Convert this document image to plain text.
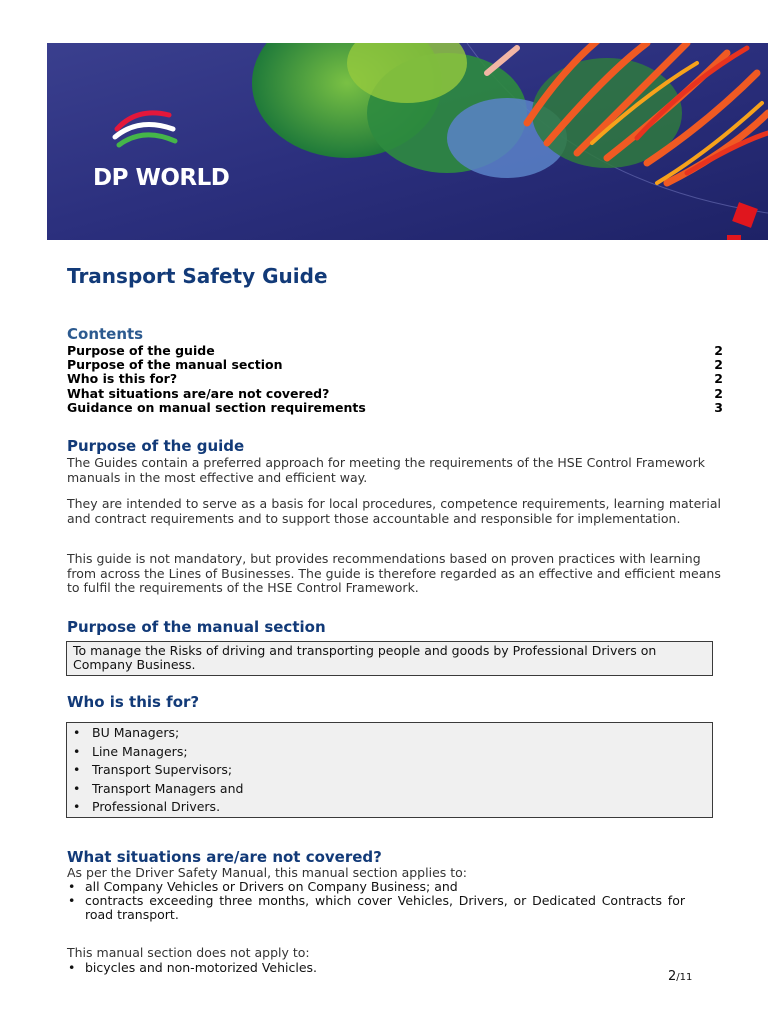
DP WORLD
Transport Safety Guide
Contents
Purpose of the guide	2
Purpose of the manual section	2
Who is this for?	2
What situations are/are not covered?	2
Guidance on manual section requirements	3
Purpose of the guide

The Guides contain a preferred approach for meeting the requirements of the HSE Control Framework manuals in the most effective and efficient way.

They are intended to serve as a basis for local procedures, competence requirements, learning material and contract requirements and to support those accountable and responsible for implementation.

This guide is not mandatory, but provides recommendations based on proven practices with learning from across the Lines of Businesses. The guide is therefore regarded as an effective and efficient means to fulfil the requirements of the HSE Control Framework.

Purpose of the manual section

To manage the Risks of driving and transporting people and goods by Professional Drivers on Company Business.

Who is this for?
• BU Managers;
• Line Managers;
• Transport Supervisors;
• Transport Managers and
• Professional Drivers.
What situations are/are not covered?

As per the Driver Safety Manual, this manual section applies to:

• all Company Vehicles or Drivers on Company Business; and
• contracts exceeding three months, which cover Vehicles, Drivers, or Dedicated Contracts for road transport.

This manual section does not apply to:

• bicycles and non-motorized Vehicles.
2/11
